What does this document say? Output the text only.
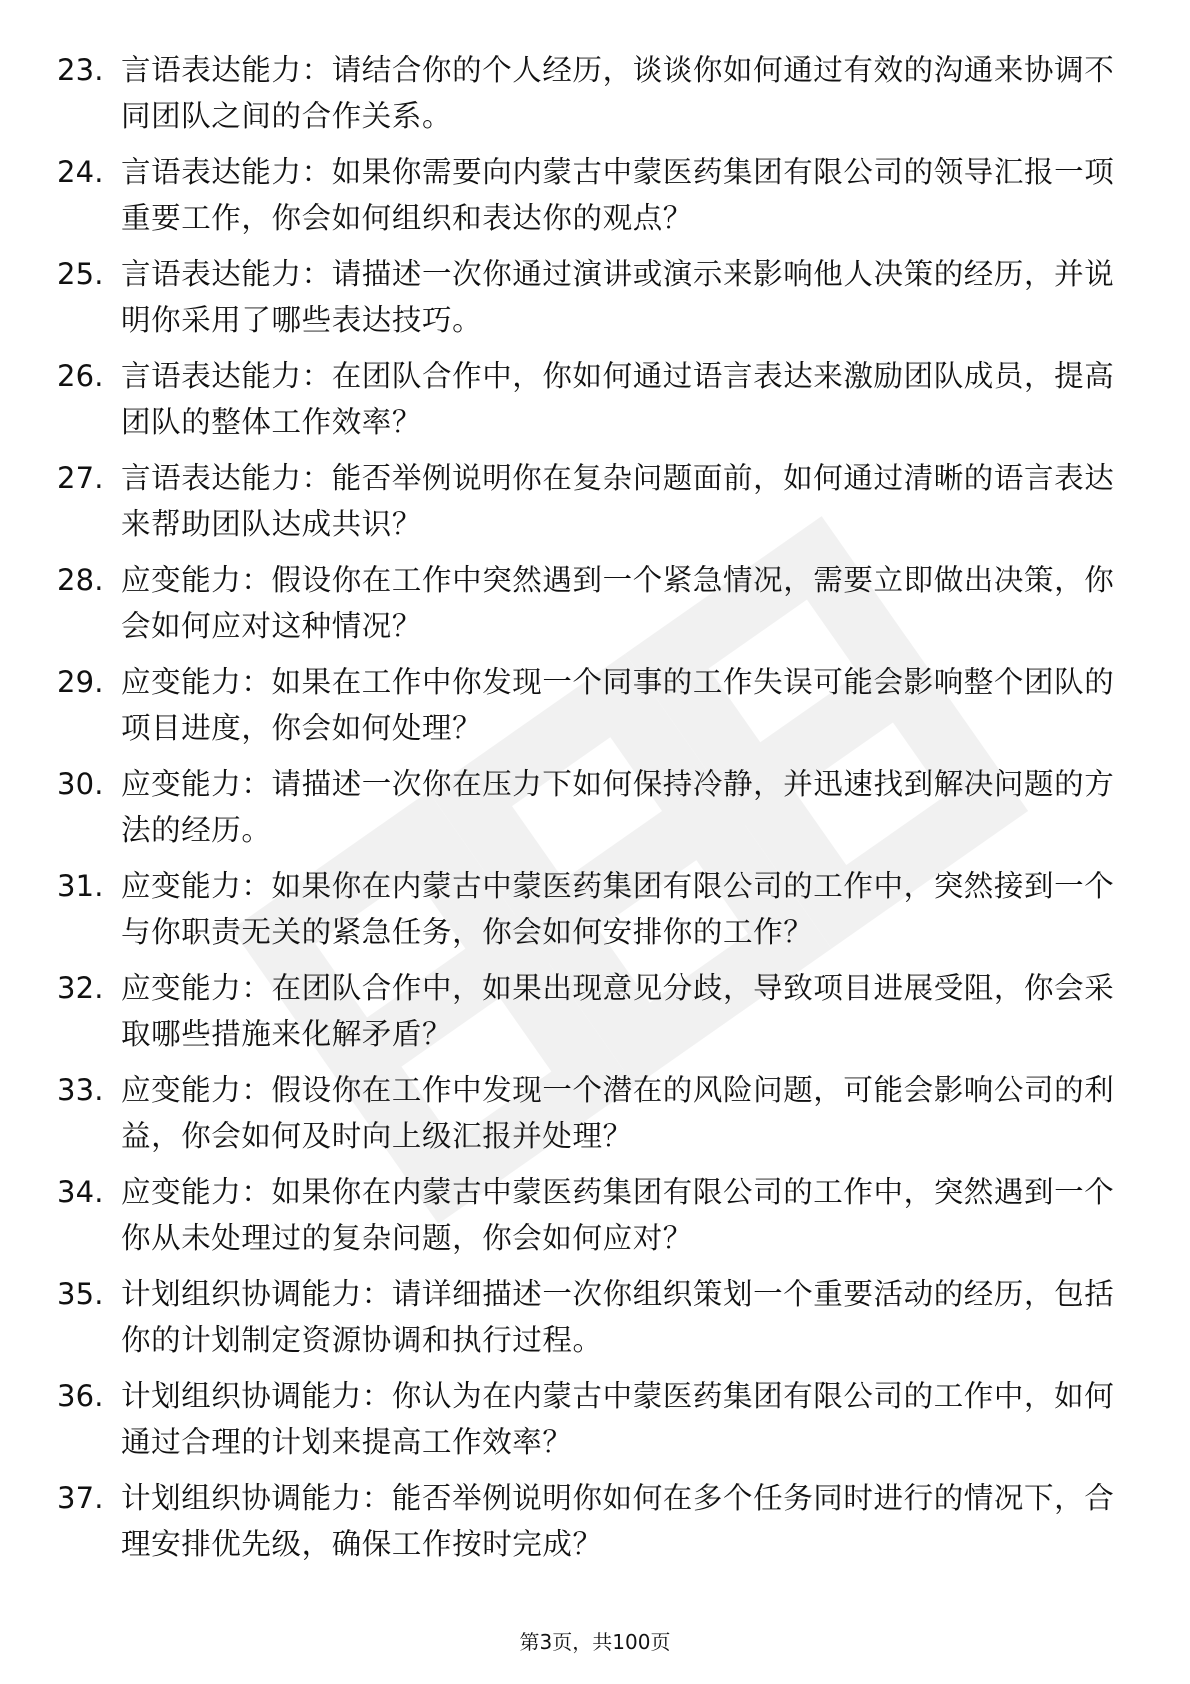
23. 言语表达能力：请结合你的个人经历，谈谈你如何通过有效的沟通来协调不同团队之间的合作关系。
24. 言语表达能力：如果你需要向内蒙古中蒙医药集团有限公司的领导汇报一项重要工作，你会如何组织和表达你的观点？
25. 言语表达能力：请描述一次你通过演讲或演示来影响他人决策的经历，并说明你采用了哪些表达技巧。
26. 言语表达能力：在团队合作中，你如何通过语言表达来激励团队成员，提高团队的整体工作效率？
27. 言语表达能力：能否举例说明你在复杂问题面前，如何通过清晰的语言表达来帮助团队达成共识？
28. 应变能力：假设你在工作中突然遇到一个紧急情况，需要立即做出决策，你会如何应对这种情况？
29. 应变能力：如果在工作中你发现一个同事的工作失误可能会影响整个团队的项目进度，你会如何处理？
30. 应变能力：请描述一次你在压力下如何保持冷静，并迅速找到解决问题的方法的经历。
31. 应变能力：如果你在内蒙古中蒙医药集团有限公司的工作中，突然接到一个与你职责无关的紧急任务，你会如何安排你的工作？
32. 应变能力：在团队合作中，如果出现意见分歧，导致项目进展受阻，你会采取哪些措施来化解矛盾？
33. 应变能力：假设你在工作中发现一个潜在的风险问题，可能会影响公司的利益，你会如何及时向上级汇报并处理？
34. 应变能力：如果你在内蒙古中蒙医药集团有限公司的工作中，突然遇到一个你从未处理过的复杂问题，你会如何应对？
35. 计划组织协调能力：请详细描述一次你组织策划一个重要活动的经历，包括你的计划制定资源协调和执行过程。
36. 计划组织协调能力：你认为在内蒙古中蒙医药集团有限公司的工作中，如何通过合理的计划来提高工作效率？
37. 计划组织协调能力：能否举例说明你如何在多个任务同时进行的情况下，合理安排优先级，确保工作按时完成？
第3页，共100页
